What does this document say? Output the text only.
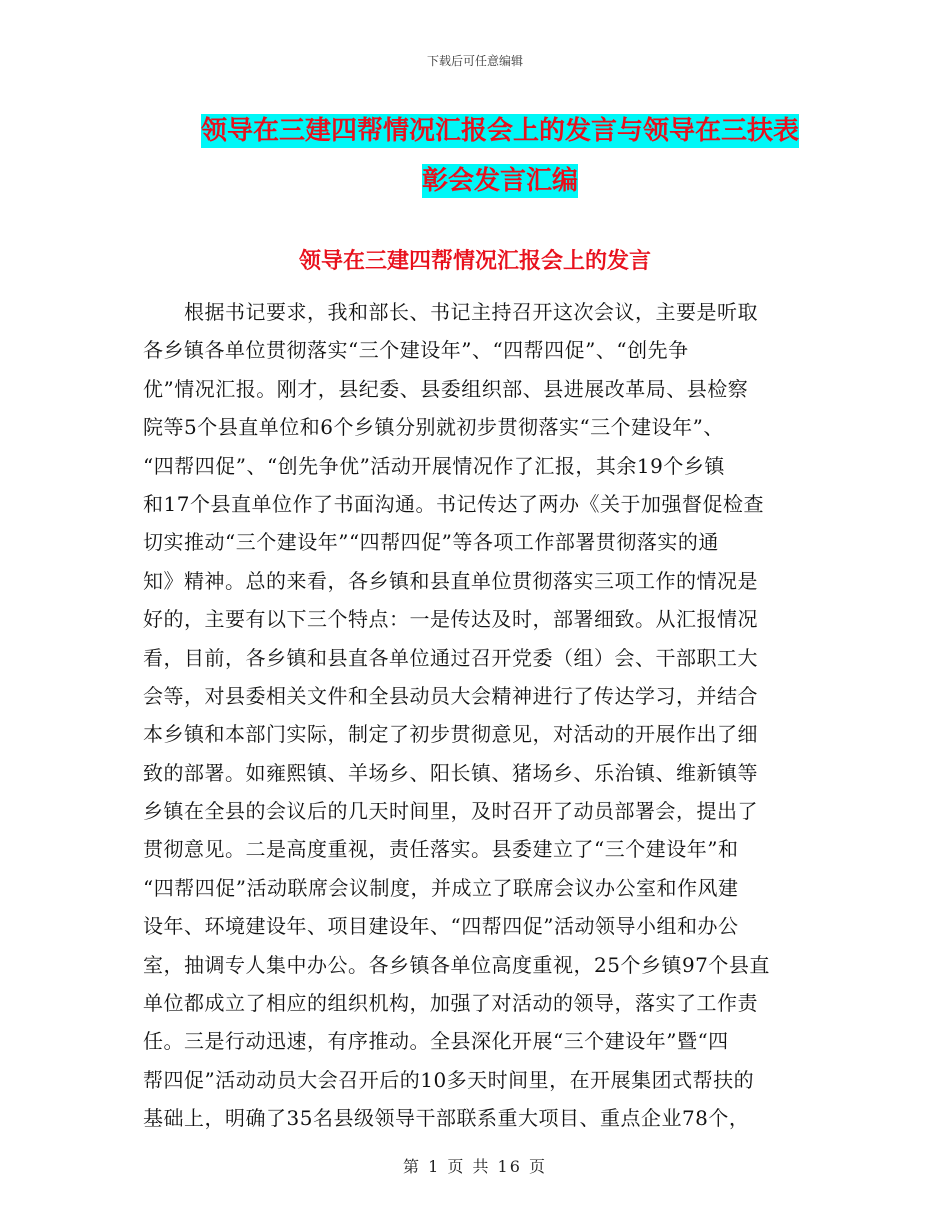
下载后可任意编辑
领导在三建四帮情况汇报会上的发言与领导在三扶表
彰会发言汇编
领导在三建四帮情况汇报会上的发言
　　根据书记要求，我和部长、书记主持召开这次会议，主要是听取
各乡镇各单位贯彻落实“三个建设年”、“四帮四促”、“创先争
优”情况汇报。刚才，县纪委、县委组织部、县进展改革局、县检察
院等5个县直单位和6个乡镇分别就初步贯彻落实“三个建设年”、
“四帮四促”、“创先争优”活动开展情况作了汇报，其余19个乡镇
和17个县直单位作了书面沟通。书记传达了两办《关于加强督促检查
切实推动“三个建设年”“四帮四促”等各项工作部署贯彻落实的通
知》精神。总的来看，各乡镇和县直单位贯彻落实三项工作的情况是
好的，主要有以下三个特点：一是传达及时，部署细致。从汇报情况
看，目前，各乡镇和县直各单位通过召开党委（组）会、干部职工大
会等，对县委相关文件和全县动员大会精神进行了传达学习，并结合
本乡镇和本部门实际，制定了初步贯彻意见，对活动的开展作出了细
致的部署。如雍熙镇、羊场乡、阳长镇、猪场乡、乐治镇、维新镇等
乡镇在全县的会议后的几天时间里，及时召开了动员部署会，提出了
贯彻意见。二是高度重视，责任落实。县委建立了“三个建设年”和
“四帮四促”活动联席会议制度，并成立了联席会议办公室和作风建
设年、环境建设年、项目建设年、“四帮四促”活动领导小组和办公
室，抽调专人集中办公。各乡镇各单位高度重视，25个乡镇97个县直
单位都成立了相应的组织机构，加强了对活动的领导，落实了工作责
任。三是行动迅速，有序推动。全县深化开展“三个建设年”暨“四
帮四促”活动动员大会召开后的10多天时间里，在开展集团式帮扶的
基础上，明确了35名县级领导干部联系重大项目、重点企业78个，
第 1 页 共 16 页
